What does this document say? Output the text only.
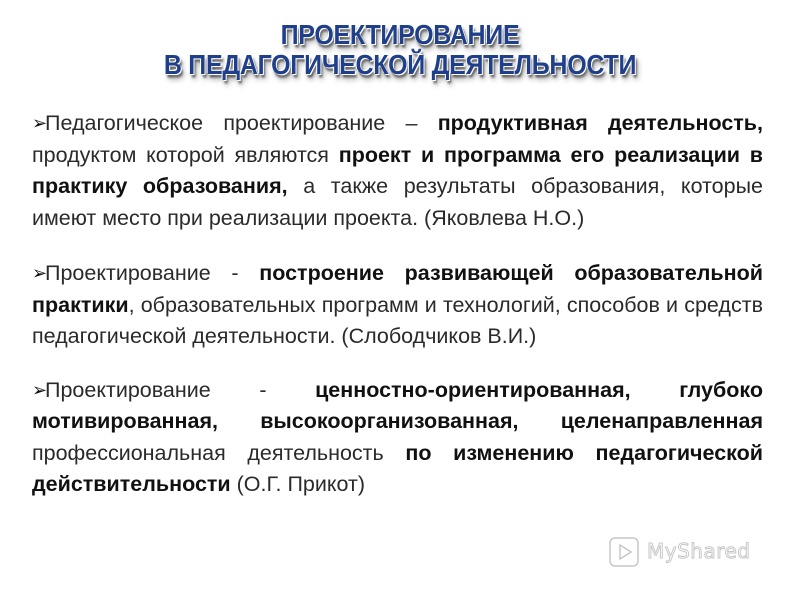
ПРОЕКТИРОВАНИЕ
В ПЕДАГОГИЧЕСКОЙ ДЕЯТЕЛЬНОСТИ

➢Педагогическое проектирование – продуктивная деятельность, продуктом которой являются проект и программа его реализации в практику образования, а также результаты образования, которые имеют место при реализации проекта. (Яковлева Н.О.)

➢Проектирование - построение развивающей образовательной практики, образовательных программ и технологий, способов и средств педагогической деятельности. (Слободчиков В.И.)

➢Проектирование - ценностно-ориентированная, глубоко мотивированная, высокоорганизованная, целенаправленная профессиональная деятельность по изменению педагогической действительности (О.Г. Прикот)

MyShared
